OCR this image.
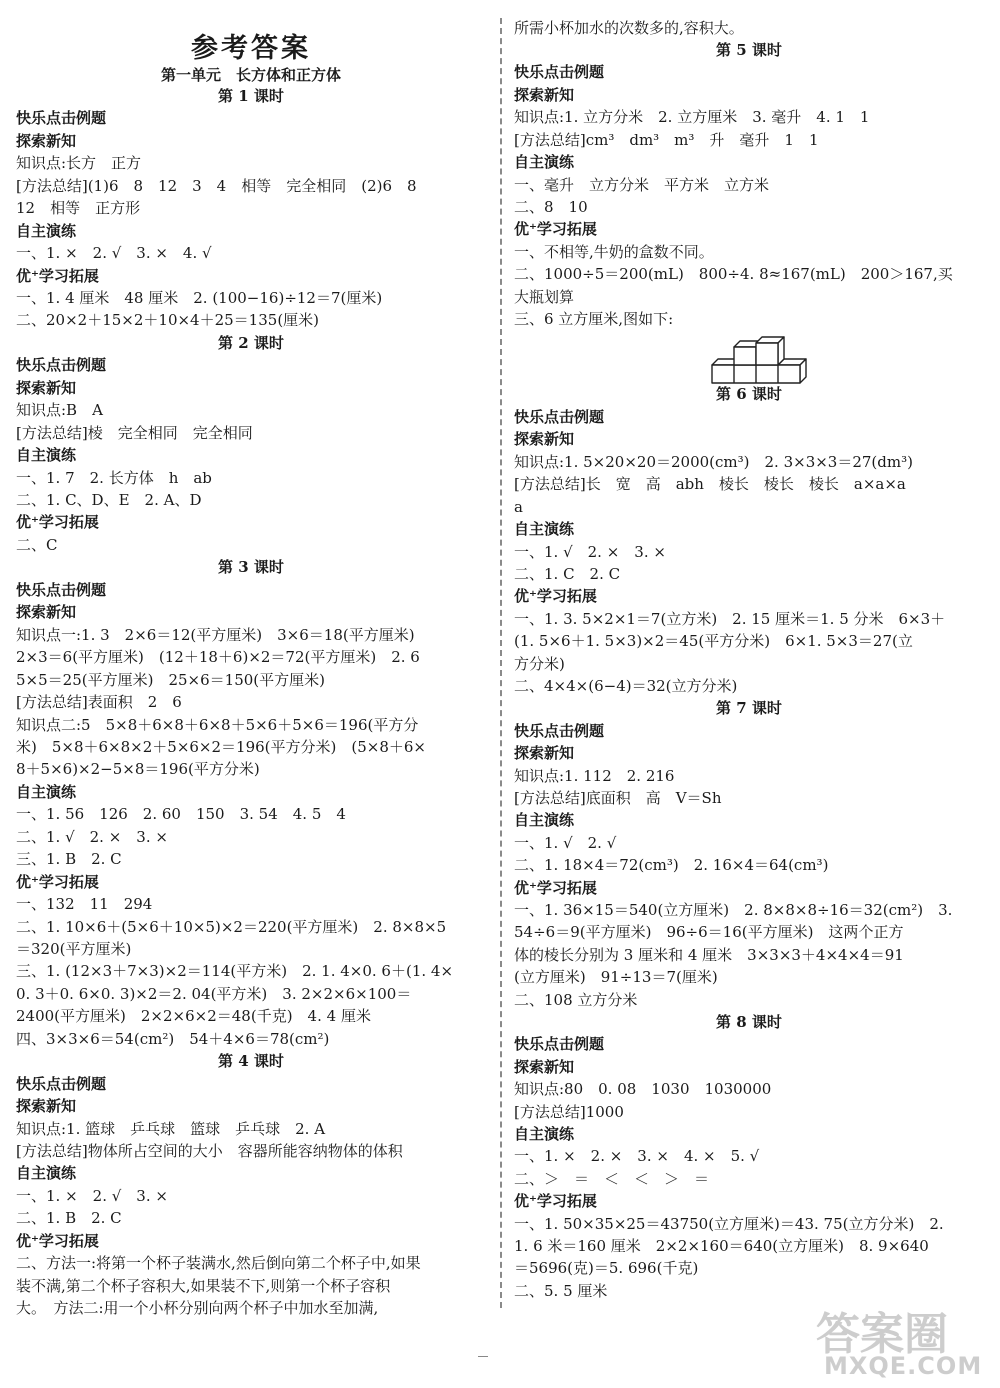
参考答案
第一单元　长方体和正方体
第 1 课时
快乐点击例题
探索新知
知识点:长方　正方
[方法总结](1)6　8　12　3　4　相等　完全相同　(2)6　8
12　相等　正方形
自主演练
一、1. ×　2. √　3. ×　4. √
优⁺学习拓展
一、1. 4 厘米　48 厘米　2. (100−16)÷12＝7(厘米)
二、20×2＋15×2＋10×4＋25＝135(厘米)
第 2 课时
快乐点击例题
探索新知
知识点:B　A
[方法总结]棱　完全相同　完全相同
自主演练
一、1. 7　2. 长方体　h　ab
二、1. C、D、E　2. A、D
优⁺学习拓展
二、C
第 3 课时
快乐点击例题
探索新知
知识点一:1. 3　2×6＝12(平方厘米)　3×6＝18(平方厘米)
2×3＝6(平方厘米)　(12＋18＋6)×2＝72(平方厘米)　2. 6
5×5＝25(平方厘米)　25×6＝150(平方厘米)
[方法总结]表面积　2　6
知识点二:5　5×8＋6×8＋6×8＋5×6＋5×6＝196(平方分
米)　5×8＋6×8×2＋5×6×2＝196(平方分米)　(5×8＋6×
8＋5×6)×2−5×8＝196(平方分米)
自主演练
一、1. 56　126　2. 60　150　3. 54　4. 5　4
二、1. √　2. ×　3. ×
三、1. B　2. C
优⁺学习拓展
一、132　11　294
二、1. 10×6＋(5×6＋10×5)×2＝220(平方厘米)　2. 8×8×5
＝320(平方厘米)
三、1. (12×3＋7×3)×2＝114(平方米)　2. 1. 4×0. 6＋(1. 4×
0. 3＋0. 6×0. 3)×2＝2. 04(平方米)　3. 2×2×6×100＝
2400(平方厘米)　2×2×6×2＝48(千克)　4. 4 厘米
四、3×3×6＝54(cm²)　54＋4×6＝78(cm²)
第 4 课时
快乐点击例题
探索新知
知识点:1. 篮球　乒乓球　篮球　乒乓球　2. A
[方法总结]物体所占空间的大小　容器所能容纳物体的体积
自主演练
一、1. ×　2. √　3. ×
二、1. B　2. C
优⁺学习拓展
二、方法一:将第一个杯子装满水,然后倒向第二个杯子中,如果
装不满,第二个杯子容积大,如果装不下,则第一个杯子容积
大。　方法二:用一个小杯分别向两个杯子中加水至加满,
所需小杯加水的次数多的,容积大。
第 5 课时
快乐点击例题
探索新知
知识点:1. 立方分米　2. 立方厘米　3. 毫升　4. 1　1
[方法总结]cm³　dm³　m³　升　毫升　1　1
自主演练
一、毫升　立方分米　平方米　立方米
二、8　10
优⁺学习拓展
一、不相等,牛奶的盒数不同。
二、1000÷5＝200(mL)　800÷4. 8≈167(mL)　200＞167,买
大瓶划算
三、6 立方厘米,图如下:
第 6 课时
快乐点击例题
探索新知
知识点:1. 5×20×20＝2000(cm³)　2. 3×3×3＝27(dm³)
[方法总结]长　宽　高　abh　棱长　棱长　棱长　a×a×a
a
自主演练
一、1. √　2. ×　3. ×
二、1. C　2. C
优⁺学习拓展
一、1. 3. 5×2×1＝7(立方米)　2. 15 厘米＝1. 5 分米　6×3＋
(1. 5×6＋1. 5×3)×2＝45(平方分米)　6×1. 5×3＝27(立
方分米)
二、4×4×(6−4)＝32(立方分米)
第 7 课时
快乐点击例题
探索新知
知识点:1. 112　2. 216
[方法总结]底面积　高　V＝Sh
自主演练
一、1. √　2. √
二、1. 18×4＝72(cm³)　2. 16×4＝64(cm³)
优⁺学习拓展
一、1. 36×15＝540(立方厘米)　2. 8×8×8÷16＝32(cm²)　3.
54÷6＝9(平方厘米)　96÷6＝16(平方厘米)　这两个正方
体的棱长分别为 3 厘米和 4 厘米　3×3×3＋4×4×4＝91
(立方厘米)　91÷13＝7(厘米)
二、108 立方分米
第 8 课时
快乐点击例题
探索新知
知识点:80　0. 08　1030　1030000
[方法总结]1000
自主演练
一、1. ×　2. ×　3. ×　4. ×　5. √
二、＞　＝　＜　＜　＞　＝
优⁺学习拓展
一、1. 50×35×25＝43750(立方厘米)＝43. 75(立方分米)　2.
1. 6 米＝160 厘米　2×2×160＝640(立方厘米)　8. 9×640
＝5696(克)＝5. 696(千克)
二、5. 5 厘米
答案圈
MXQE.COM
